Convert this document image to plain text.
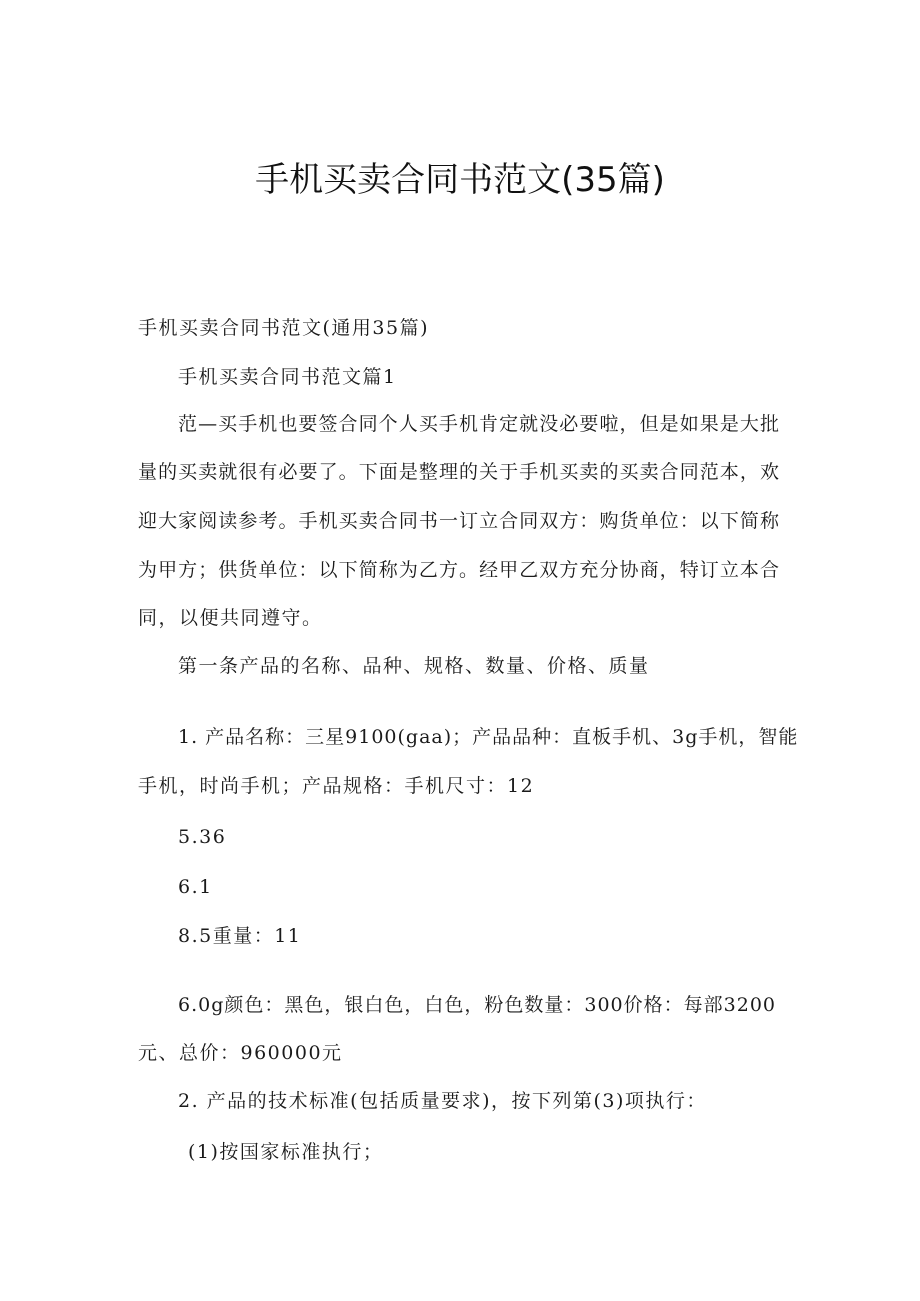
手机买卖合同书范文(35篇)
手机买卖合同书范文(通用35篇)
手机买卖合同书范文篇1
范—买手机也要签合同个人买手机肯定就没必要啦，但是如果是大批
量的买卖就很有必要了。下面是整理的关于手机买卖的买卖合同范本，欢
迎大家阅读参考。手机买卖合同书一订立合同双方：购货单位：以下简称
为甲方；供货单位：以下简称为乙方。经甲乙双方充分协商，特订立本合
同，以便共同遵守。
第一条产品的名称、品种、规格、数量、价格、质量
1. 产品名称：三星9100(gaa)；产品品种：直板手机、3g手机，智能
手机，时尚手机；产品规格：手机尺寸：12
5.36
6.1
8.5重量：11
6.0g颜色：黑色，银白色，白色，粉色数量：300价格：每部3200
元、总价：960000元
2. 产品的技术标准(包括质量要求)，按下列第(3)项执行：
(1)按国家标准执行；
